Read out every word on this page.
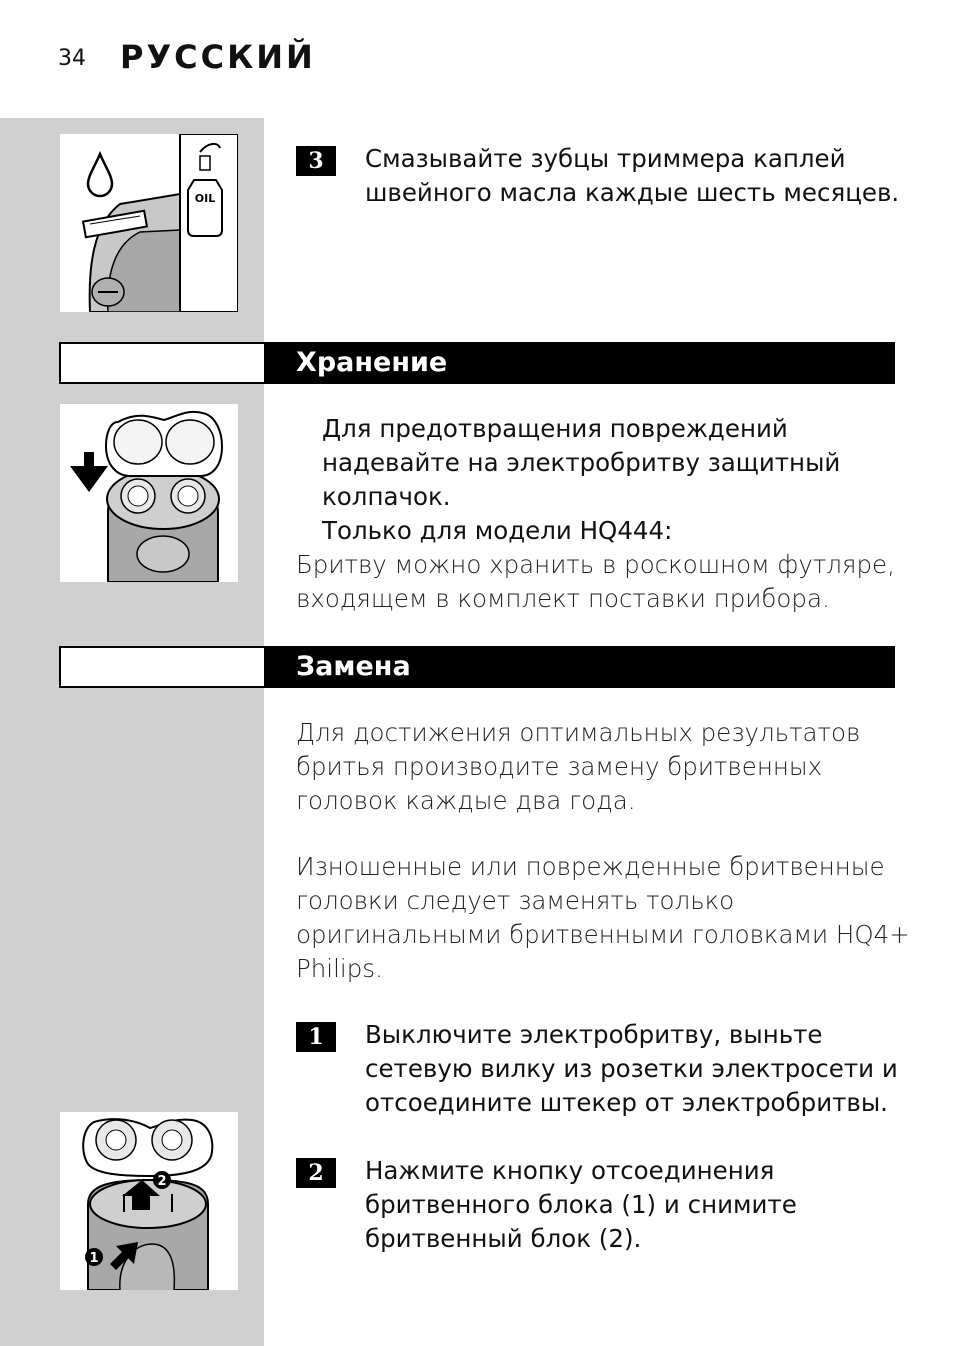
34 РУССКИЙ
OIL
3	Смазывайте зубцы триммера каплей швейного масла каждые шесть месяцев.
Хранение
Для предотвращения повреждений надевайте на электробритву защитный колпачок.
Только для модели HQ444:
Бритву можно хранить в роскошном футляре, входящем в комплект поставки прибора.
Замена
Для достижения оптимальных результатов бритья производите замену бритвенных головок каждые два года.
Изношенные или поврежденные бритвенные головки следует заменять только оригинальными бритвенными головками HQ4+ Philips.
1	Выключите электробритву, выньте сетевую вилку из розетки электросети и отсоедините штекер от электробритвы.
2
1
2	Нажмите кнопку отсоединения бритвенного блока (1) и снимите бритвенный блок (2).
